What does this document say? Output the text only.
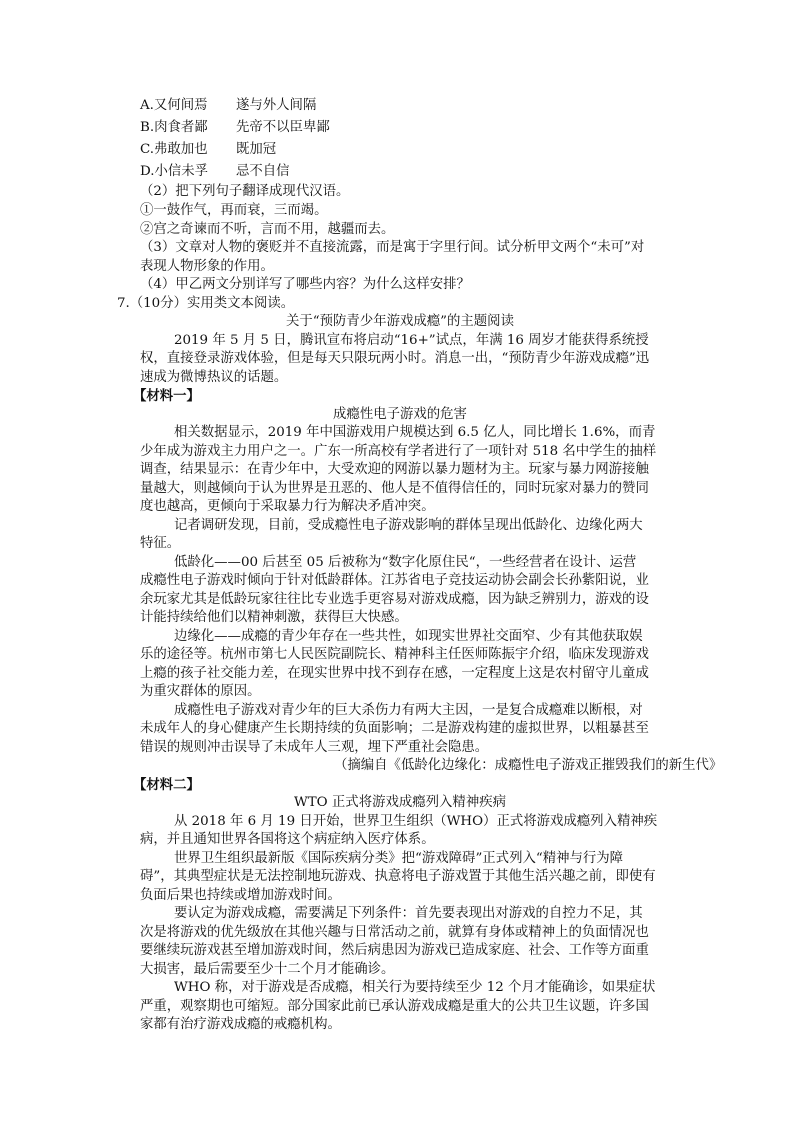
A.又何间焉 遂与外人间隔
B.肉食者鄙 先帝不以臣卑鄙
C.弗敢加也 既加冠
D.小信未孚 忌不自信
（2）把下列句子翻译成现代汉语。
①一鼓作气，再而衰，三而竭。
②宫之奇谏而不听，言而不用，越疆而去。
（3）文章对人物的褒贬并不直接流露，而是寓于字里行间。试分析甲文两个“未可”对
表现人物形象的作用。
（4）甲乙两文分别详写了哪些内容？为什么这样安排？
7.（10分）实用类文本阅读。
关于“预防青少年游戏成瘾”的主题阅读
2019 年 5 月 5 日，腾讯宣布将启动“16+”试点，年满 16 周岁才能获得系统授
权，直接登录游戏体验，但是每天只限玩两小时。消息一出，“预防青少年游戏成瘾”迅
速成为微博热议的话题。
【材料一】
成瘾性电子游戏的危害
相关数据显示，2019 年中国游戏用户规模达到 6.5 亿人，同比增长 1.6%，而青
少年成为游戏主力用户之一。广东一所高校有学者进行了一项针对 518 名中学生的抽样
调查，结果显示：在青少年中，大受欢迎的网游以暴力题材为主。玩家与暴力网游接触
量越大，则越倾向于认为世界是丑恶的、他人是不值得信任的，同时玩家对暴力的赞同
度也越高，更倾向于采取暴力行为解决矛盾冲突。
记者调研发现，目前，受成瘾性电子游戏影响的群体呈现出低龄化、边缘化两大
特征。
低龄化——00 后甚至 05 后被称为“数字化原住民“，一些经营者在设计、运营
成瘾性电子游戏时倾向于针对低龄群体。江苏省电子竞技运动协会副会长孙紫阳说，业
余玩家尤其是低龄玩家往往比专业选手更容易对游戏成瘾，因为缺乏辨别力，游戏的设
计能持续给他们以精神刺激，获得巨大快感。
边缘化——成瘾的青少年存在一些共性，如现实世界社交面窄、少有其他获取娱
乐的途径等。杭州市第七人民医院副院长、精神科主任医师陈振宇介绍，临床发现游戏
上瘾的孩子社交能力差，在现实世界中找不到存在感，一定程度上这是农村留守儿童成
为重灾群体的原因。
成瘾性电子游戏对青少年的巨大杀伤力有两大主因，一是复合成瘾难以断根，对
未成年人的身心健康产生长期持续的负面影响；二是游戏构建的虚拟世界，以粗暴甚至
错误的规则冲击误导了未成年人三观，埋下严重社会隐患。
（摘编自《低龄化边缘化：成瘾性电子游戏正摧毁我们的新生代》
【材料二】
WTO 正式将游戏成瘾列入精神疾病
从 2018 年 6 月 19 日开始，世界卫生组织（WHO）正式将游戏成瘾列入精神疾
病，并且通知世界各国将这个病症纳入医疗体系。
世界卫生组织最新版《国际疾病分类》把“游戏障碍”正式列入“精神与行为障
碍”，其典型症状是无法控制地玩游戏、执意将电子游戏置于其他生活兴趣之前，即使有
负面后果也持续或增加游戏时间。
要认定为游戏成瘾，需要满足下列条件：首先要表现出对游戏的自控力不足，其
次是将游戏的优先级放在其他兴趣与日常活动之前，就算有身体或精神上的负面情况也
要继续玩游戏甚至增加游戏时间，然后病患因为游戏已造成家庭、社会、工作等方面重
大损害，最后需要至少十二个月才能确诊。
WHO 称，对于游戏是否成瘾，相关行为要持续至少 12 个月才能确诊，如果症状
严重，观察期也可缩短。部分国家此前已承认游戏成瘾是重大的公共卫生议题，许多国
家都有治疗游戏成瘾的戒瘾机构。
